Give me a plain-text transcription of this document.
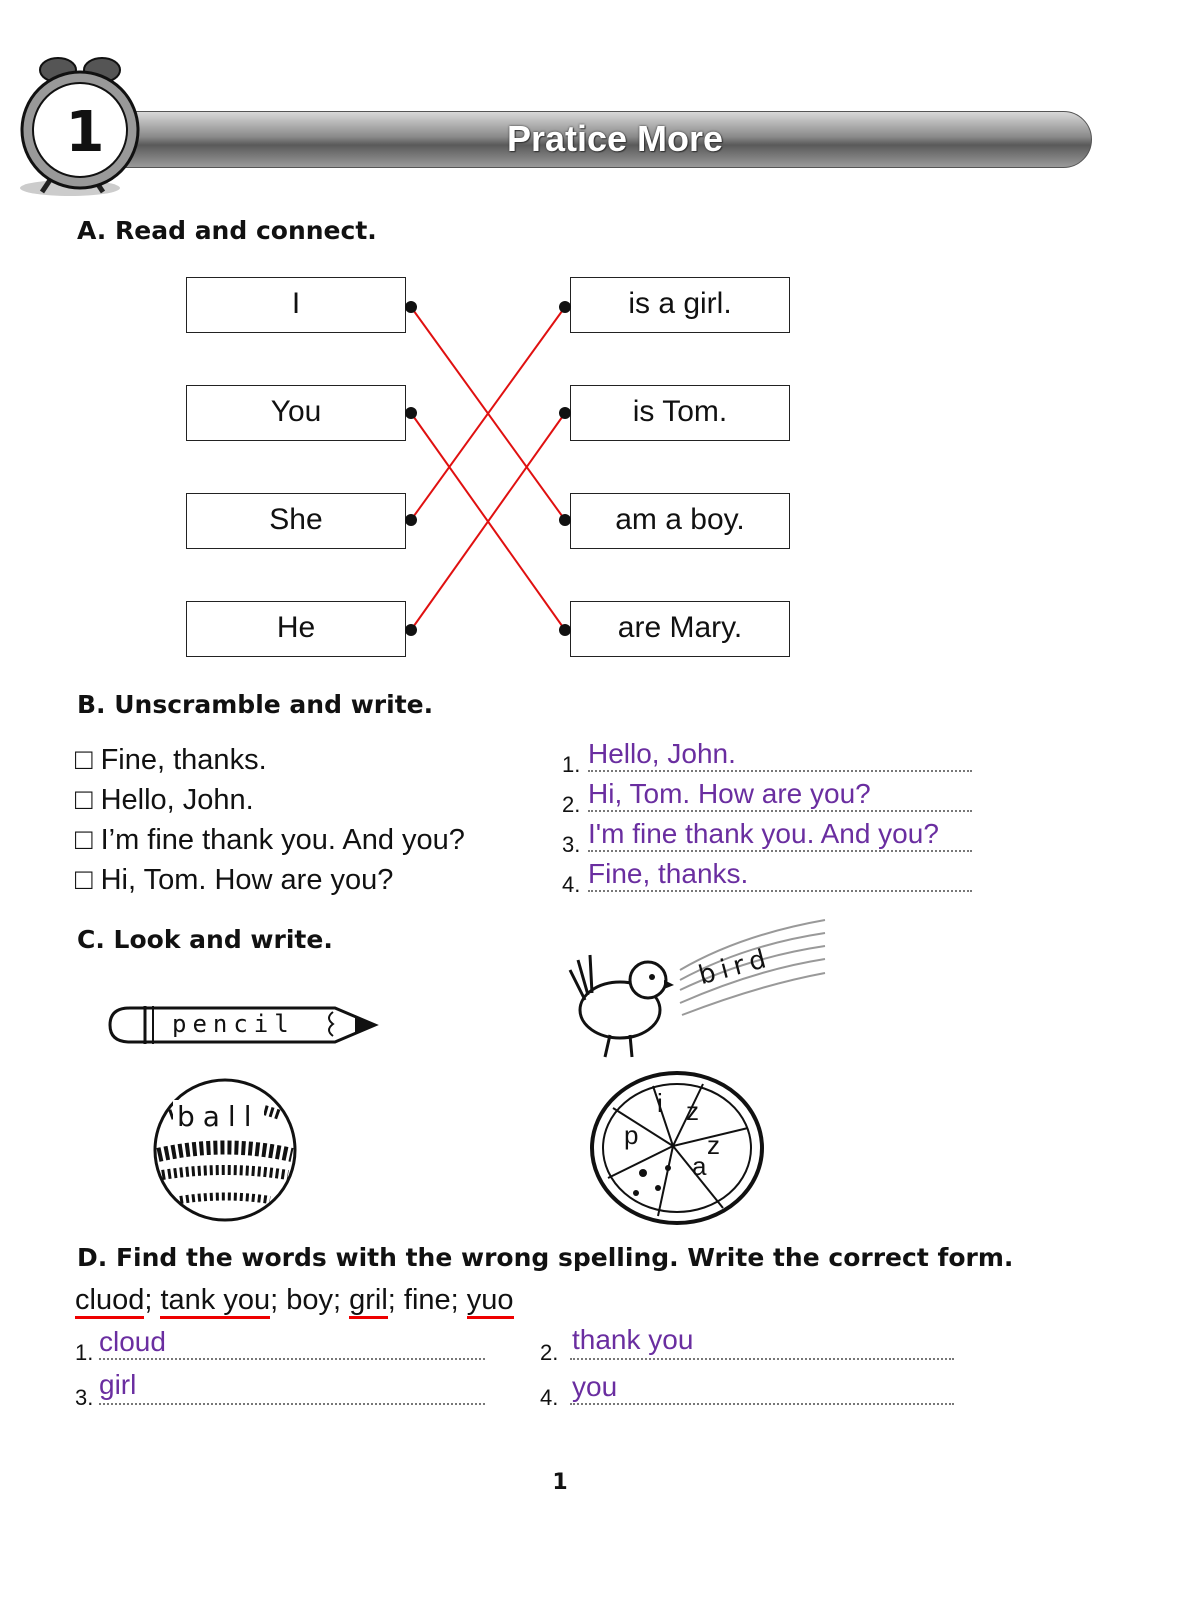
Pratice More
1
A. Read and connect.
I
You
She
He
is a girl.
is Tom.
am a boy.
are Mary.
B. Unscramble and write.
□ Fine, thanks.
□ Hello, John.
□ I’m fine thank you. And you?
□ Hi, Tom. How are you?
1. Hello, John.
2. Hi, Tom. How are you?
3. I'm fine thank you. And you?
4. Fine, thanks.
C. Look and write.
pencil
ball
bird
p
i z
z
a
D. Find the words with the wrong spelling. Write the correct form.
cluod; tank you; boy; gril; fine; yuo
1. cloud	2. thank you
3. girl	4. you
1
